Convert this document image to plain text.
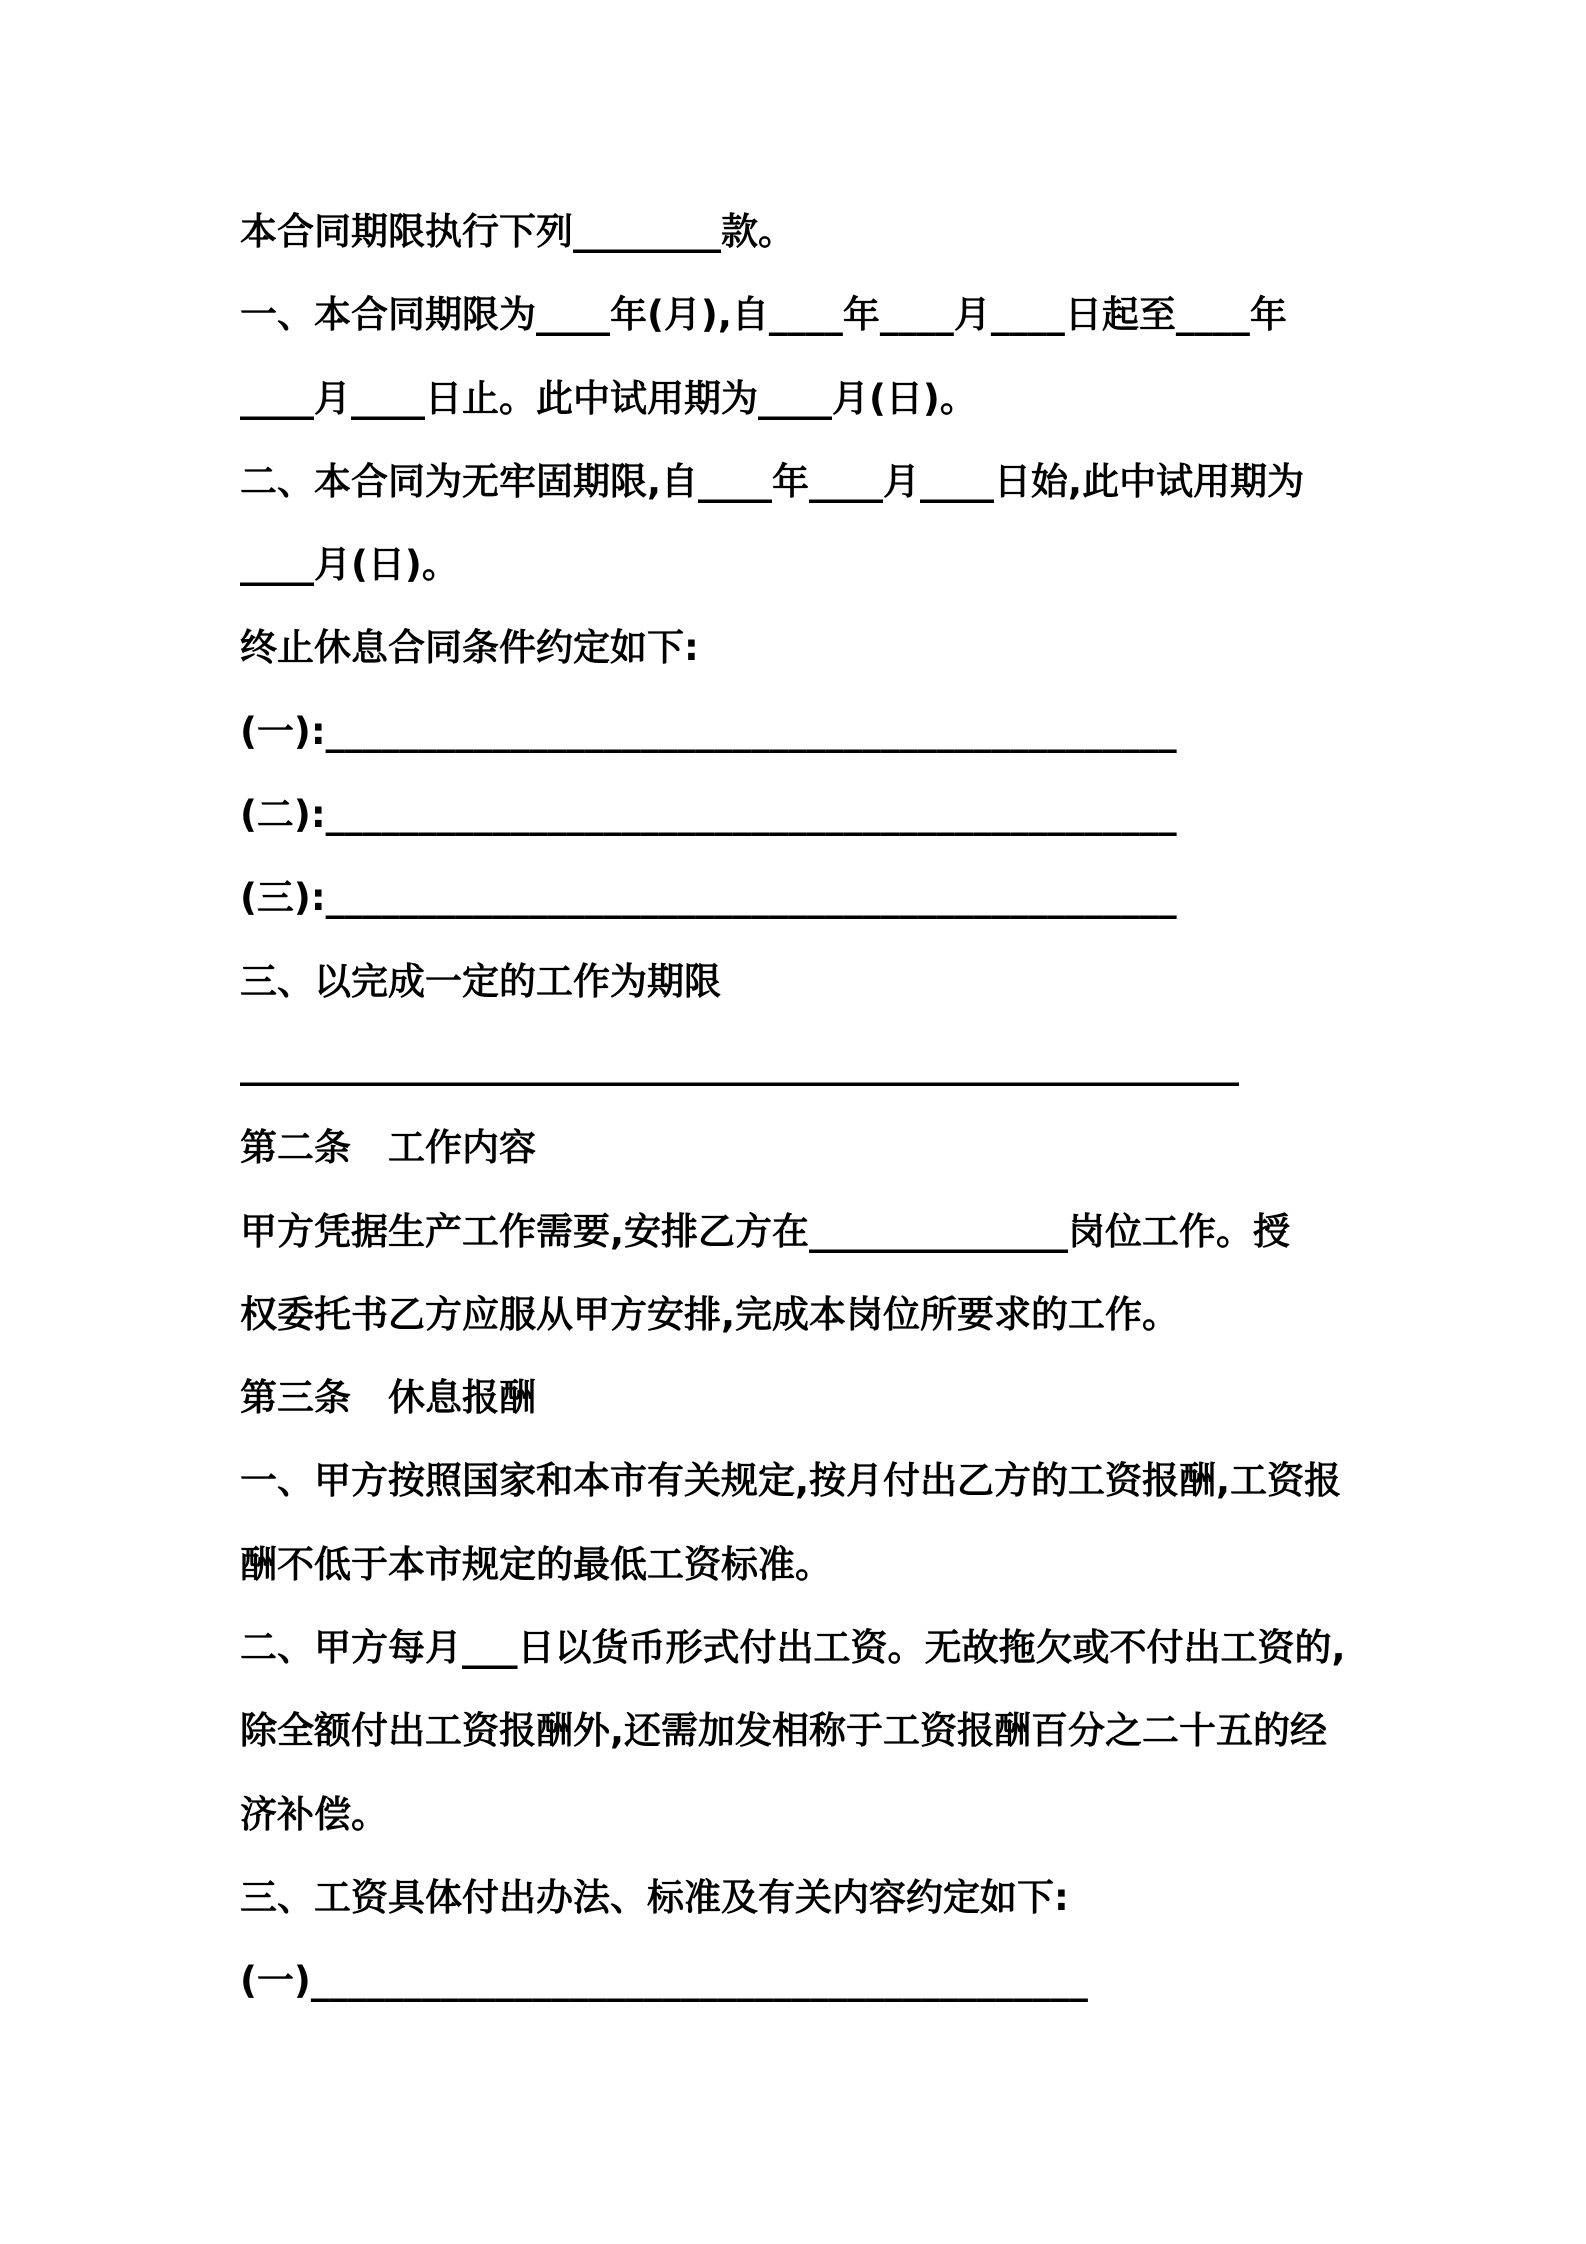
本合同期限执行下列________款。
一、本合同期限为____年(月),自____年____月____日起至____年
____月____日止。此中试用期为____月(日)。
二、本合同为无牢固期限,自____年____月____日始,此中试用期为
____月(日)。
终止休息合同条件约定如下:
(一):______________________________________________
(二):______________________________________________
(三):______________________________________________
三、以完成一定的工作为期限
______________________________________________________
第二条　工作内容
甲方凭据生产工作需要,安排乙方在______________岗位工作。授
权委托书乙方应服从甲方安排,完成本岗位所要求的工作。
第三条　休息报酬
一、甲方按照国家和本市有关规定,按月付出乙方的工资报酬,工资报
酬不低于本市规定的最低工资标准。
二、甲方每月___日以货币形式付出工资。无故拖欠或不付出工资的,
除全额付出工资报酬外,还需加发相称于工资报酬百分之二十五的经
济补偿。
三、工资具体付出办法、标准及有关内容约定如下:
(一)__________________________________________
